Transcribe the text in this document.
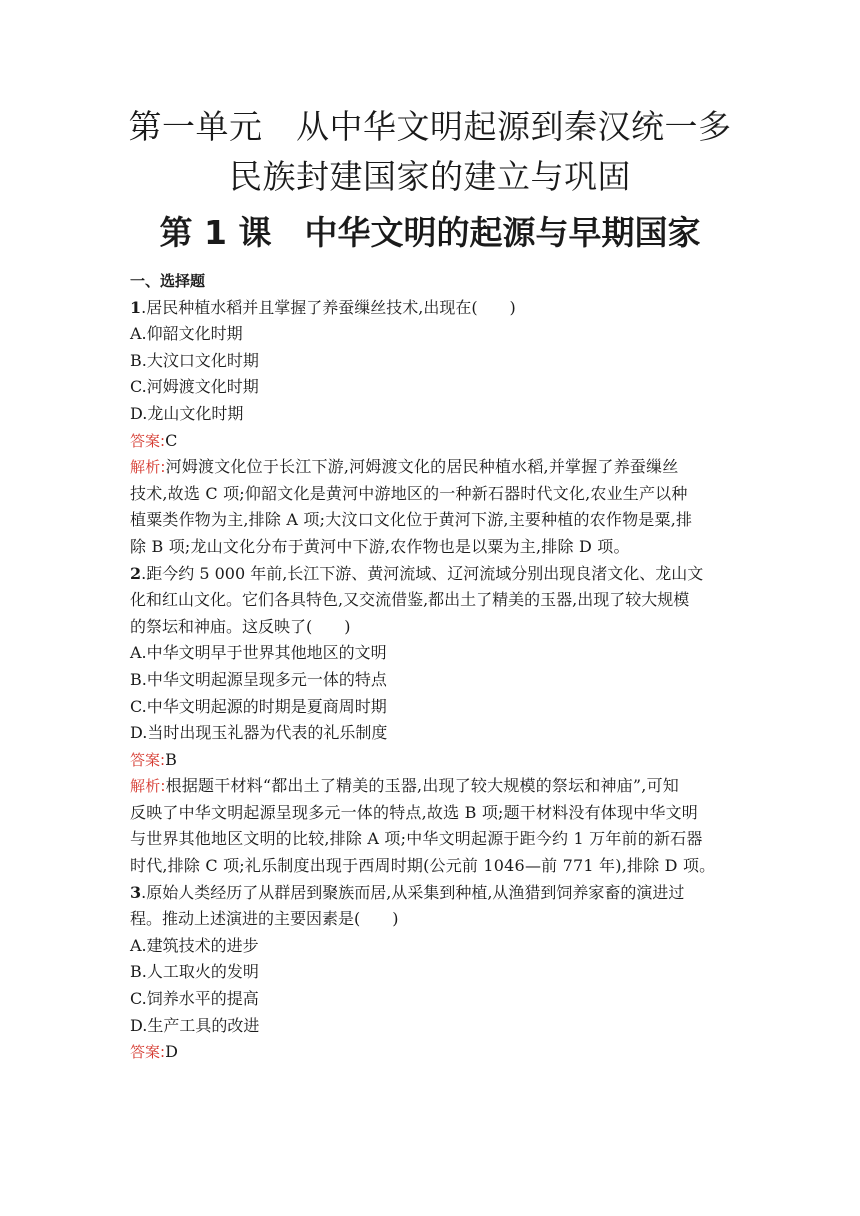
第一单元　从中华文明起源到秦汉统一多
民族封建国家的建立与巩固
第 1 课　中华文明的起源与早期国家
一、选择题
1.居民种植水稻并且掌握了养蚕缫丝技术,出现在(　　)
A.仰韶文化时期
B.大汶口文化时期
C.河姆渡文化时期
D.龙山文化时期
答案:C
解析:河姆渡文化位于长江下游,河姆渡文化的居民种植水稻,并掌握了养蚕缫丝
技术,故选 C 项;仰韶文化是黄河中游地区的一种新石器时代文化,农业生产以种
植粟类作物为主,排除 A 项;大汶口文化位于黄河下游,主要种植的农作物是粟,排
除 B 项;龙山文化分布于黄河中下游,农作物也是以粟为主,排除 D 项。
2.距今约 5 000 年前,长江下游、黄河流域、辽河流域分别出现良渚文化、龙山文
化和红山文化。它们各具特色,又交流借鉴,都出土了精美的玉器,出现了较大规模
的祭坛和神庙。这反映了(　　)
A.中华文明早于世界其他地区的文明
B.中华文明起源呈现多元一体的特点
C.中华文明起源的时期是夏商周时期
D.当时出现玉礼器为代表的礼乐制度
答案:B
解析:根据题干材料“都出土了精美的玉器,出现了较大规模的祭坛和神庙”,可知
反映了中华文明起源呈现多元一体的特点,故选 B 项;题干材料没有体现中华文明
与世界其他地区文明的比较,排除 A 项;中华文明起源于距今约 1 万年前的新石器
时代,排除 C 项;礼乐制度出现于西周时期(公元前 1046—前 771 年),排除 D 项。
3.原始人类经历了从群居到聚族而居,从采集到种植,从渔猎到饲养家畜的演进过
程。推动上述演进的主要因素是(　　)
A.建筑技术的进步
B.人工取火的发明
C.饲养水平的提高
D.生产工具的改进
答案:D
